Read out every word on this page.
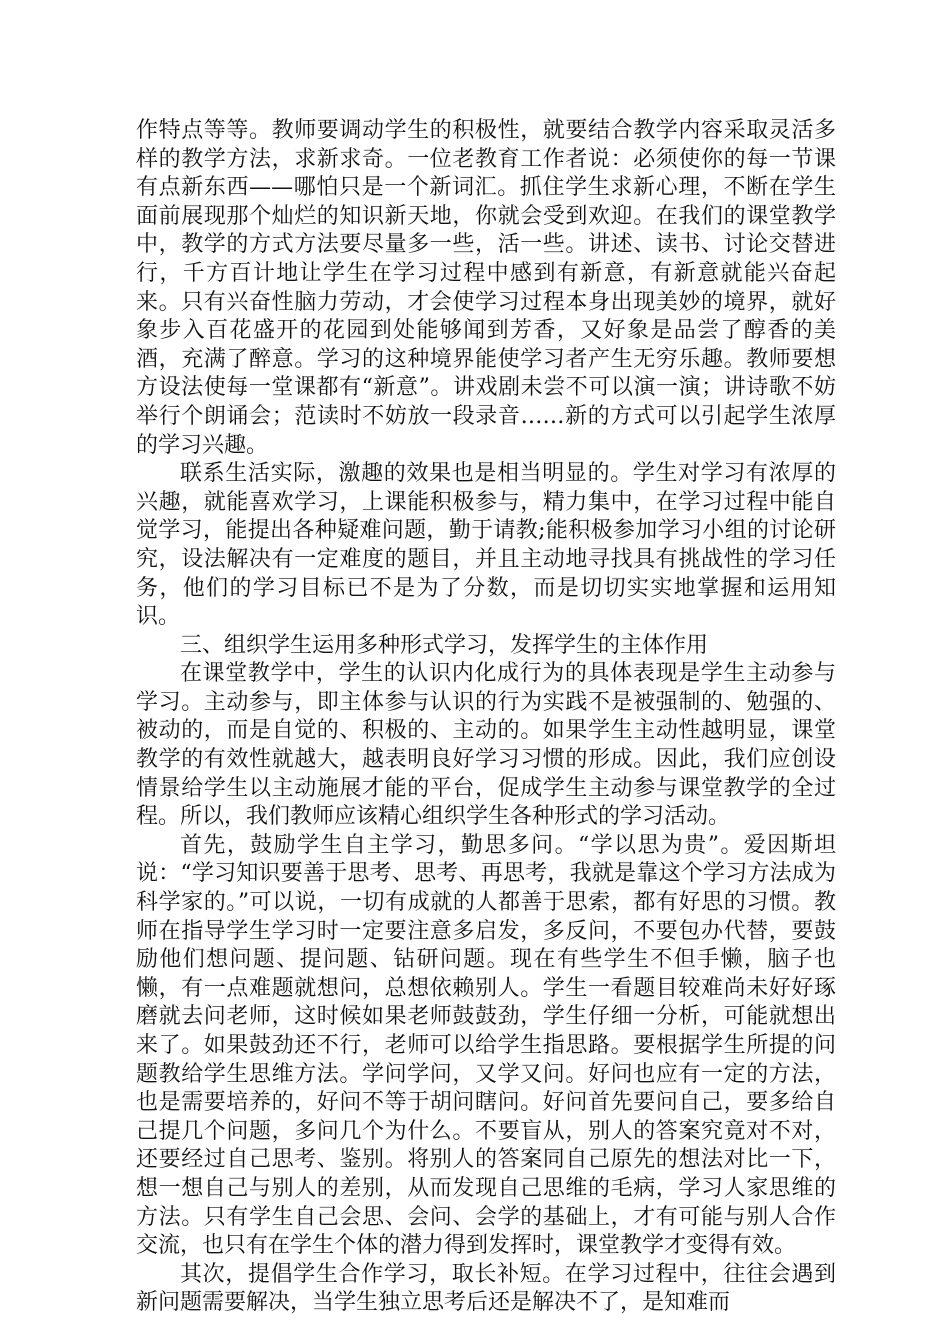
作特点等等。教师要调动学生的积极性，就要结合教学内容采取灵活多样的教学方法，求新求奇。一位老教育工作者说：必须使你的每一节课有点新东西——哪怕只是一个新词汇。抓住学生求新心理，不断在学生面前展现那个灿烂的知识新天地，你就会受到欢迎。在我们的课堂教学中，教学的方式方法要尽量多一些，活一些。讲述、读书、讨论交替进行，千方百计地让学生在学习过程中感到有新意，有新意就能兴奋起来。只有兴奋性脑力劳动，才会使学习过程本身出现美妙的境界，就好象步入百花盛开的花园到处能够闻到芳香，又好象是品尝了醇香的美酒，充满了醉意。学习的这种境界能使学习者产生无穷乐趣。教师要想方设法使每一堂课都有“新意”。讲戏剧未尝不可以演一演；讲诗歌不妨举行个朗诵会；范读时不妨放一段录音……新的方式可以引起学生浓厚的学习兴趣。

联系生活实际，激趣的效果也是相当明显的。学生对学习有浓厚的兴趣，就能喜欢学习，上课能积极参与，精力集中，在学习过程中能自觉学习，能提出各种疑难问题，勤于请教;能积极参加学习小组的讨论研究，设法解决有一定难度的题目，并且主动地寻找具有挑战性的学习任务，他们的学习目标已不是为了分数，而是切切实实地掌握和运用知识。

三、组织学生运用多种形式学习，发挥学生的主体作用

在课堂教学中，学生的认识内化成行为的具体表现是学生主动参与学习。主动参与，即主体参与认识的行为实践不是被强制的、勉强的、被动的，而是自觉的、积极的、主动的。如果学生主动性越明显，课堂教学的有效性就越大，越表明良好学习习惯的形成。因此，我们应创设情景给学生以主动施展才能的平台，促成学生主动参与课堂教学的全过程。所以，我们教师应该精心组织学生各种形式的学习活动。

首先，鼓励学生自主学习，勤思多问。“学以思为贵”。爱因斯坦说：“学习知识要善于思考、思考、再思考，我就是靠这个学习方法成为科学家的。”可以说，一切有成就的人都善于思索，都有好思的习惯。教师在指导学生学习时一定要注意多启发，多反问，不要包办代替，要鼓励他们想问题、提问题、钻研问题。现在有些学生不但手懒，脑子也懒，有一点难题就想问，总想依赖别人。学生一看题目较难尚未好好琢磨就去问老师，这时候如果老师鼓鼓劲，学生仔细一分析，可能就想出来了。如果鼓劲还不行，老师可以给学生指思路。要根据学生所提的问题教给学生思维方法。学问学问，又学又问。好问也应有一定的方法，也是需要培养的，好问不等于胡问瞎问。好问首先要问自己，要多给自己提几个问题，多问几个为什么。不要盲从，别人的答案究竟对不对，还要经过自己思考、鉴别。将别人的答案同自己原先的想法对比一下，想一想自己与别人的差别，从而发现自己思维的毛病，学习人家思维的方法。只有学生自己会思、会问、会学的基础上，才有可能与别人合作交流，也只有在学生个体的潜力得到发挥时，课堂教学才变得有效。

其次，提倡学生合作学习，取长补短。在学习过程中，往往会遇到新问题需要解决，当学生独立思考后还是解决不了，是知难而
